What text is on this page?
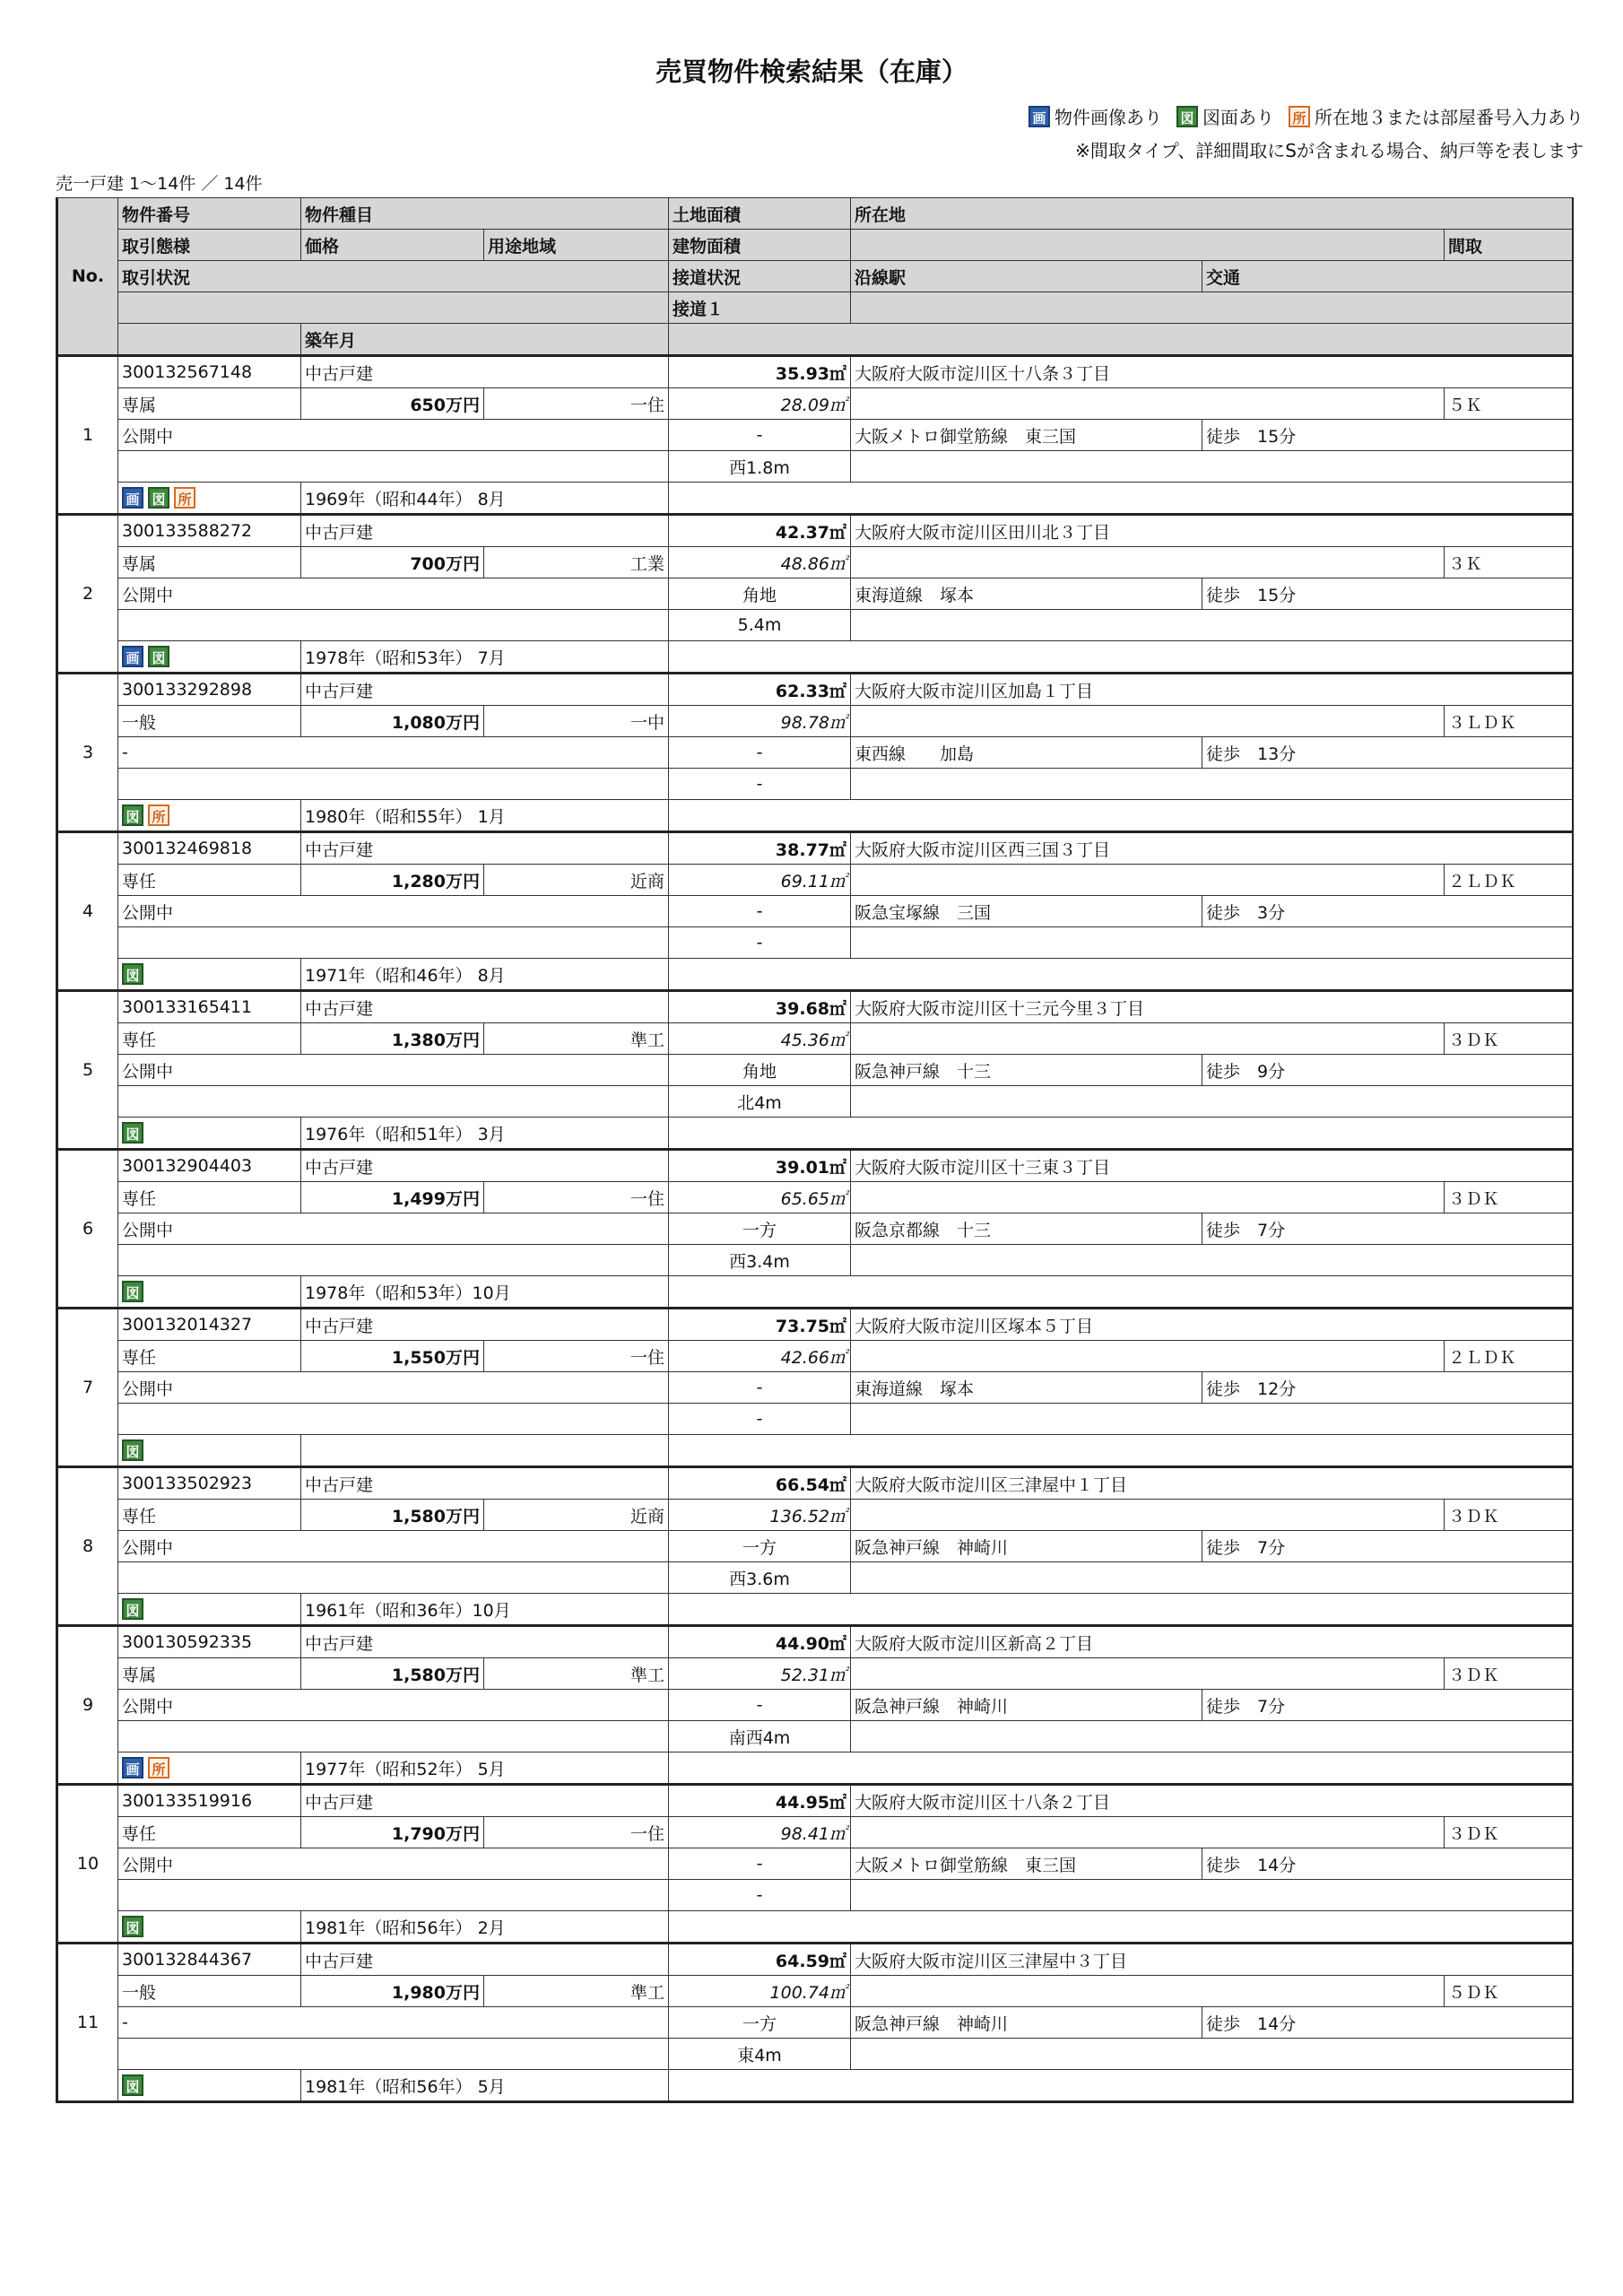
売買物件検索結果（在庫）
画 物件画像あり 図 図面あり 所 所在地３または部屋番号入力あり
※間取タイプ、詳細間取にSが含まれる場合、納戸等を表します
売一戸建 1〜14件 ／ 14件
No.	物件番号	物件種目		土地面積	所在地		
	取引態様	価格	用途地域	建物面積			間取
	取引状況			接道状況	沿線駅	交通	
				接道１			
		築年月					
1	300132567148	中古戸建		35.93㎡	大阪府大阪市淀川区十八条３丁目		
	専属	650万円	一住	28.09㎡			５Ｋ
	公開中			-	大阪メトロ御堂筋線　東三国	徒歩　15分	
				西1.8m			
	画 図 所	1969年（昭和44年） 8月					
2	300133588272	中古戸建		42.37㎡	大阪府大阪市淀川区田川北３丁目		
	専属	700万円	工業	48.86㎡			３Ｋ
	公開中			角地	東海道線　塚本	徒歩　15分	
				5.4m			
	画 図	1978年（昭和53年） 7月					
3	300133292898	中古戸建		62.33㎡	大阪府大阪市淀川区加島１丁目		
	一般	1,080万円	一中	98.78㎡			３ＬＤＫ
	-			-	東西線　　加島	徒歩　13分	
				-			
	図 所	1980年（昭和55年） 1月					
4	300132469818	中古戸建		38.77㎡	大阪府大阪市淀川区西三国３丁目		
	専任	1,280万円	近商	69.11㎡			２ＬＤＫ
	公開中			-	阪急宝塚線　三国	徒歩　3分	
				-			
	図	1971年（昭和46年） 8月					
5	300133165411	中古戸建		39.68㎡	大阪府大阪市淀川区十三元今里３丁目		
	専任	1,380万円	準工	45.36㎡			３ＤＫ
	公開中			角地	阪急神戸線　十三	徒歩　9分	
				北4m			
	図	1976年（昭和51年） 3月					
6	300132904403	中古戸建		39.01㎡	大阪府大阪市淀川区十三東３丁目		
	専任	1,499万円	一住	65.65㎡			３ＤＫ
	公開中			一方	阪急京都線　十三	徒歩　7分	
				西3.4m			
	図	1978年（昭和53年）10月					
7	300132014327	中古戸建		73.75㎡	大阪府大阪市淀川区塚本５丁目		
	専任	1,550万円	一住	42.66㎡			２ＬＤＫ
	公開中			-	東海道線　塚本	徒歩　12分	
				-			
	図						
8	300133502923	中古戸建		66.54㎡	大阪府大阪市淀川区三津屋中１丁目		
	専任	1,580万円	近商	136.52㎡			３ＤＫ
	公開中			一方	阪急神戸線　神崎川	徒歩　7分	
				西3.6m			
	図	1961年（昭和36年）10月					
9	300130592335	中古戸建		44.90㎡	大阪府大阪市淀川区新高２丁目		
	専属	1,580万円	準工	52.31㎡			３ＤＫ
	公開中			-	阪急神戸線　神崎川	徒歩　7分	
				南西4m			
	画 所	1977年（昭和52年） 5月					
10	300133519916	中古戸建		44.95㎡	大阪府大阪市淀川区十八条２丁目		
	専任	1,790万円	一住	98.41㎡			３ＤＫ
	公開中			-	大阪メトロ御堂筋線　東三国	徒歩　14分	
				-			
	図	1981年（昭和56年） 2月					
11	300132844367	中古戸建		64.59㎡	大阪府大阪市淀川区三津屋中３丁目		
	一般	1,980万円	準工	100.74㎡			５ＤＫ
	-			一方	阪急神戸線　神崎川	徒歩　14分	
				東4m			
	図	1981年（昭和56年） 5月					
